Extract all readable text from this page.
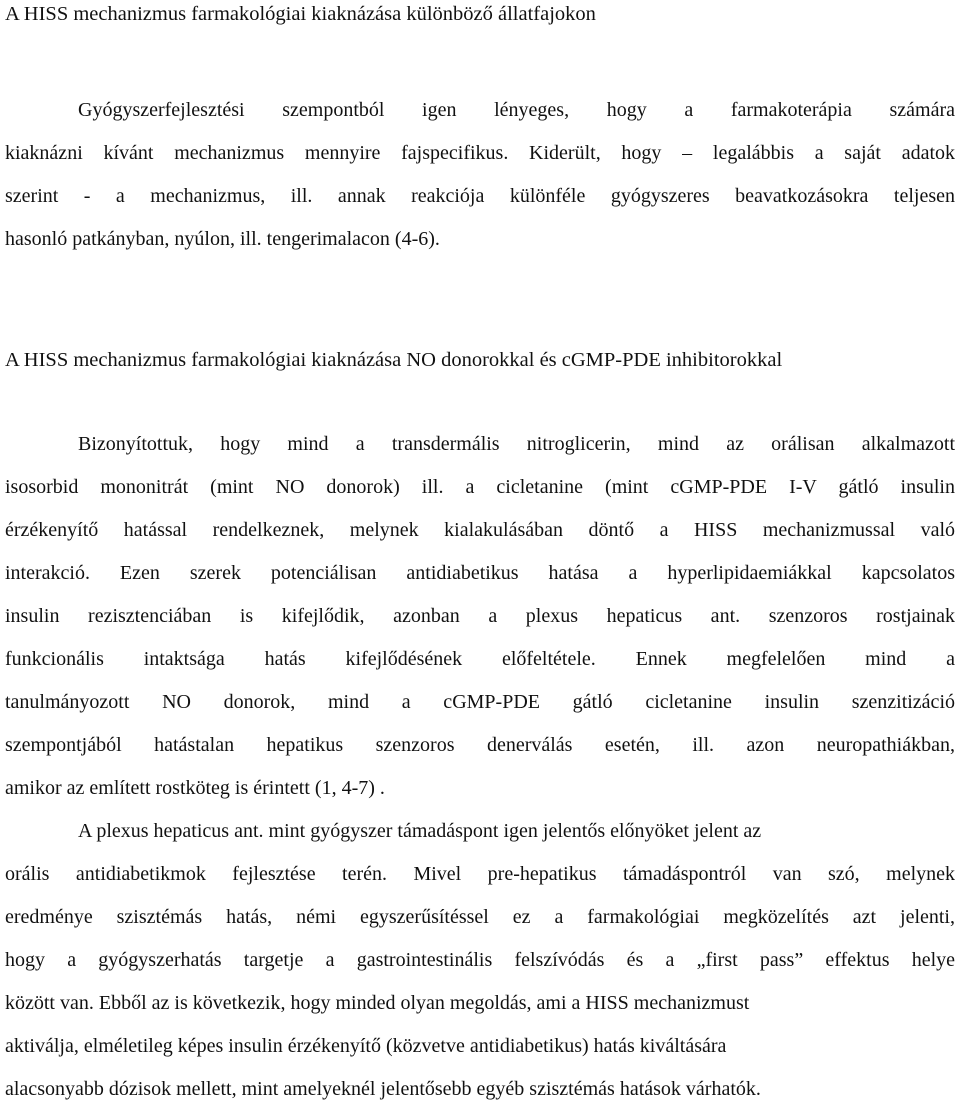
A HISS mechanizmus farmakológiai kiaknázása különböző állatfajokon
Gyógyszerfejlesztési szempontból igen lényeges, hogy a farmakoterápia számára
kiaknázni kívánt mechanizmus mennyire fajspecifikus. Kiderült, hogy – legalábbis a saját adatok
szerint - a mechanizmus, ill. annak reakciója különféle gyógyszeres beavatkozásokra teljesen
hasonló patkányban, nyúlon, ill. tengerimalacon (4-6).
A HISS mechanizmus farmakológiai kiaknázása NO donorokkal és cGMP-PDE inhibitorokkal
Bizonyítottuk, hogy mind a transdermális nitroglicerin, mind az orálisan alkalmazott
isosorbid mononitrát (mint NO donorok) ill. a cicletanine (mint cGMP-PDE I-V gátló insulin
érzékenyítő hatással rendelkeznek, melynek kialakulásában döntő a HISS mechanizmussal való
interakció. Ezen szerek potenciálisan antidiabetikus hatása a hyperlipidaemiákkal kapcsolatos
insulin rezisztenciában is kifejlődik, azonban a plexus hepaticus ant. szenzoros rostjainak
funkcionális intaktsága hatás kifejlődésének előfeltétele. Ennek megfelelően mind a
tanulmányozott NO donorok, mind a cGMP-PDE gátló cicletanine insulin szenzitizáció
szempontjából hatástalan hepatikus szenzoros denerválás esetén, ill. azon neuropathiákban,
amikor az említett rostköteg is érintett (1, 4-7) .
A plexus hepaticus ant. mint gyógyszer támadáspont igen jelentős előnyöket jelent az
orális antidiabetikmok fejlesztése terén. Mivel pre-hepatikus támadáspontról van szó, melynek
eredménye szisztémás hatás, némi egyszerűsítéssel ez a farmakológiai megközelítés azt jelenti,
hogy a gyógyszerhatás targetje a gastrointestinális felszívódás és a „first pass” effektus helye
között van. Ebből az is következik, hogy minded olyan megoldás, ami a HISS mechanizmust
aktiválja, elméletileg képes insulin érzékenyítő (közvetve antidiabetikus) hatás kiváltására
alacsonyabb dózisok mellett, mint amelyeknél jelentősebb egyéb szisztémás hatások várhatók.
